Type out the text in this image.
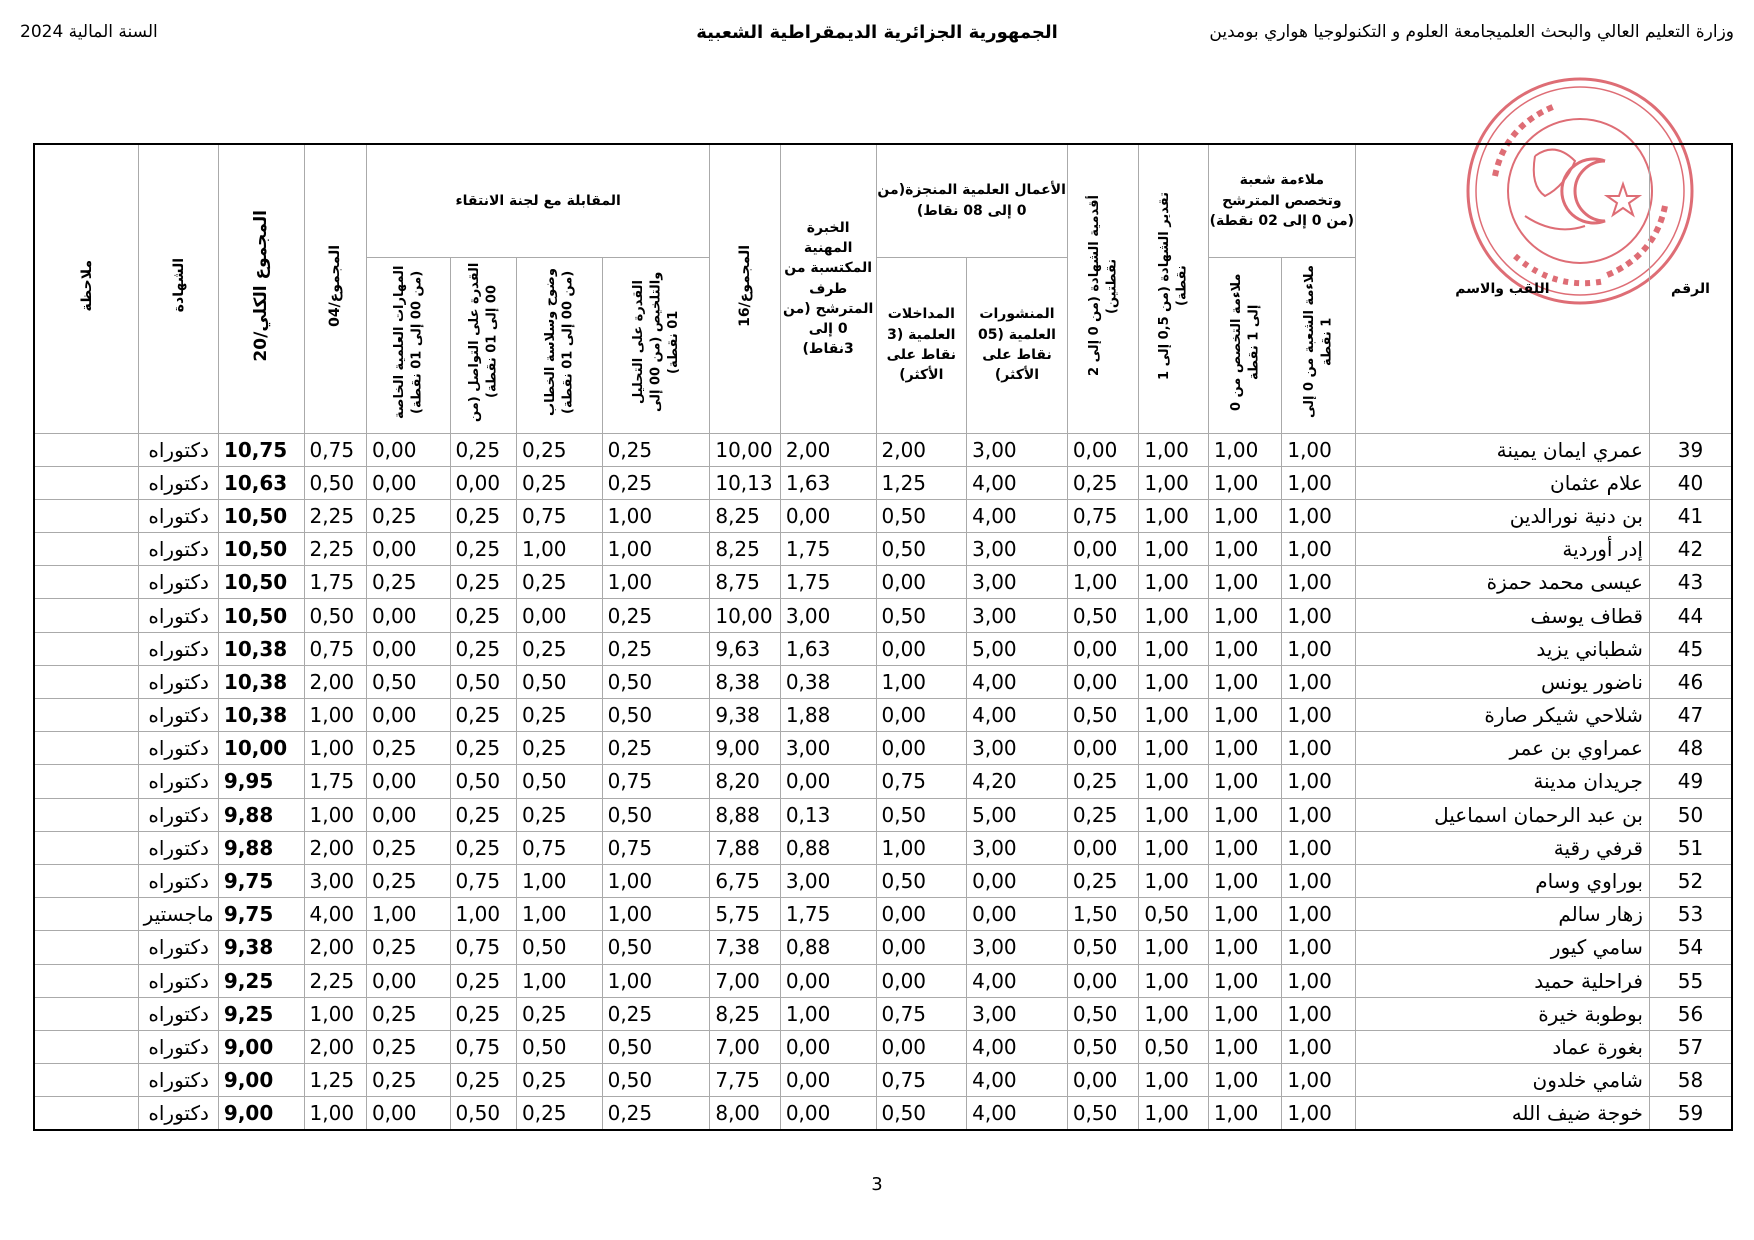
وزارة التعليم العالي والبحث العلميجامعة العلوم و التكنولوجيا هواري بومدين
الجمهورية الجزائرية الديمقراطية الشعبية
السنة المالية 2024
الرقم	اللقب والاسم	ملاءمة شعبة وتخصص المترشح (من 0 إلى 02 نقطة)		تقدير الشهادة (من 0,5 إلى 1 نقطة)	أقدمية الشهادة (من 0 إلى 2 نقطتين)	الأعمال العلمية المنجزة(من 0 إلى 08 نقاط)		الخبرة المهنية المكتسبة من طرف المترشح (من 0 إلى 3نقاط)	المجموع/16	المقابلة مع لجنة الانتقاء				المجموع/04	المجموع الكلي/20	الشهادة	ملاحظة
		ملاءمة الشعبة من 0 إلى 1 نقطة	ملاءمة التخصص من 0 إلى 1 نقطة			المنشورات العلمية (05 نقاط على الأكثر)	المداخلات العلمية (3 نقاط على الأكثر)			القدرة على التحليل والتلخيص (من 00 إلى 01 نقطة)	وضوح وسلاسة الخطاب (من 00 إلى 01 نقطة)	القدرة على التواصل (من 00 إلى 01 نقطة)	المهارات العلمية الخاصة (من 00 إلى 01 نقطة)				
39	عمري ايمان يمينة	1,00	1,00	1,00	0,00	3,00	2,00	2,00	10,00	0,25	0,25	0,25	0,00	0,75	10,75	دكتوراه	
40	علام عثمان	1,00	1,00	1,00	0,25	4,00	1,25	1,63	10,13	0,25	0,25	0,00	0,00	0,50	10,63	دكتوراه	
41	بن دنية نورالدين	1,00	1,00	1,00	0,75	4,00	0,50	0,00	8,25	1,00	0,75	0,25	0,25	2,25	10,50	دكتوراه	
42	إدر أوردية	1,00	1,00	1,00	0,00	3,00	0,50	1,75	8,25	1,00	1,00	0,25	0,00	2,25	10,50	دكتوراه	
43	عيسى محمد حمزة	1,00	1,00	1,00	1,00	3,00	0,00	1,75	8,75	1,00	0,25	0,25	0,25	1,75	10,50	دكتوراه	
44	قطاف يوسف	1,00	1,00	1,00	0,50	3,00	0,50	3,00	10,00	0,25	0,00	0,25	0,00	0,50	10,50	دكتوراه	
45	شطباني يزيد	1,00	1,00	1,00	0,00	5,00	0,00	1,63	9,63	0,25	0,25	0,25	0,00	0,75	10,38	دكتوراه	
46	ناضور يونس	1,00	1,00	1,00	0,00	4,00	1,00	0,38	8,38	0,50	0,50	0,50	0,50	2,00	10,38	دكتوراه	
47	شلاحي شيكر صارة	1,00	1,00	1,00	0,50	4,00	0,00	1,88	9,38	0,50	0,25	0,25	0,00	1,00	10,38	دكتوراه	
48	عمراوي بن عمر	1,00	1,00	1,00	0,00	3,00	0,00	3,00	9,00	0,25	0,25	0,25	0,25	1,00	10,00	دكتوراه	
49	جريدان مدينة	1,00	1,00	1,00	0,25	4,20	0,75	0,00	8,20	0,75	0,50	0,50	0,00	1,75	9,95	دكتوراه	
50	بن عبد الرحمان اسماعيل	1,00	1,00	1,00	0,25	5,00	0,50	0,13	8,88	0,50	0,25	0,25	0,00	1,00	9,88	دكتوراه	
51	قرفي رقية	1,00	1,00	1,00	0,00	3,00	1,00	0,88	7,88	0,75	0,75	0,25	0,25	2,00	9,88	دكتوراه	
52	بوراوي وسام	1,00	1,00	1,00	0,25	0,00	0,50	3,00	6,75	1,00	1,00	0,75	0,25	3,00	9,75	دكتوراه	
53	زهار سالم	1,00	1,00	0,50	1,50	0,00	0,00	1,75	5,75	1,00	1,00	1,00	1,00	4,00	9,75	ماجستير	
54	سامي كيور	1,00	1,00	1,00	0,50	3,00	0,00	0,88	7,38	0,50	0,50	0,75	0,25	2,00	9,38	دكتوراه	
55	فراحلية حميد	1,00	1,00	1,00	0,00	4,00	0,00	0,00	7,00	1,00	1,00	0,25	0,00	2,25	9,25	دكتوراه	
56	بوطوبة خيرة	1,00	1,00	1,00	0,50	3,00	0,75	1,00	8,25	0,25	0,25	0,25	0,25	1,00	9,25	دكتوراه	
57	بغورة عماد	1,00	1,00	0,50	0,50	4,00	0,00	0,00	7,00	0,50	0,50	0,75	0,25	2,00	9,00	دكتوراه	
58	شامي خلدون	1,00	1,00	1,00	0,00	4,00	0,75	0,00	7,75	0,50	0,25	0,25	0,25	1,25	9,00	دكتوراه	
59	خوجة ضيف الله	1,00	1,00	1,00	0,50	4,00	0,50	0,00	8,00	0,25	0,25	0,50	0,00	1,00	9,00	دكتوراه	
3
